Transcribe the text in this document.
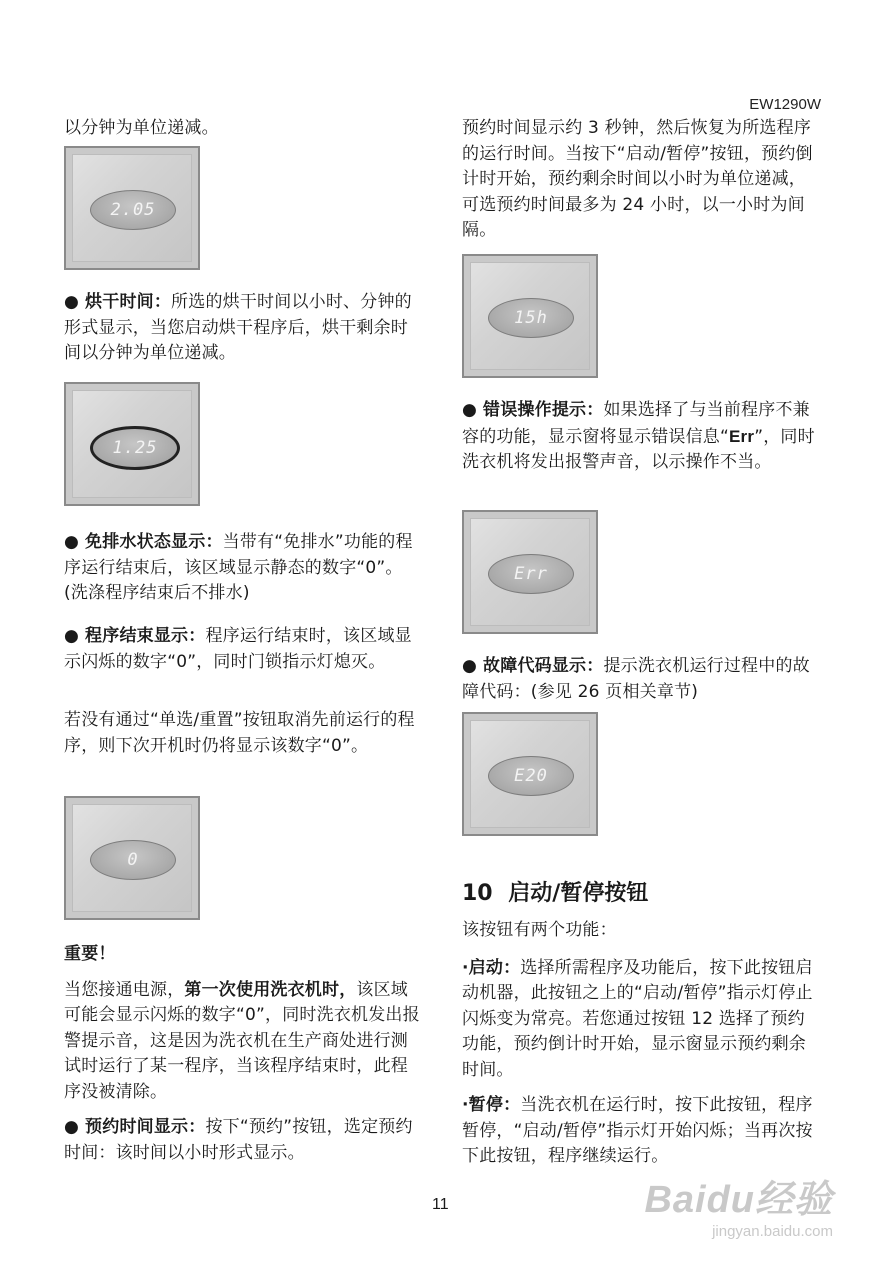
EW1290W

以分钟为单位递减。

2.05

● 烘干时间：所选的烘干时间以小时、分钟的形式显示，当您启动烘干程序后，烘干剩余时间以分钟为单位递减。

1.25

● 免排水状态显示：当带有“免排水”功能的程序运行结束后，该区域显示静态的数字“0”。(洗涤程序结束后不排水)

● 程序结束显示：程序运行结束时，该区域显示闪烁的数字“0”，同时门锁指示灯熄灭。

若没有通过“单选/重置”按钮取消先前运行的程序，则下次开机时仍将显示该数字“0”。

0

重要！

当您接通电源，第一次使用洗衣机时，该区域可能会显示闪烁的数字“0”，同时洗衣机发出报警提示音，这是因为洗衣机在生产商处进行测试时运行了某一程序，当该程序结束时，此程序没被清除。

● 预约时间显示：按下“预约”按钮，选定预约时间：该时间以小时形式显示。

预约时间显示约 3 秒钟，然后恢复为所选程序的运行时间。当按下“启动/暂停”按钮，预约倒计时开始，预约剩余时间以小时为单位递减，可选预约时间最多为 24 小时，以一小时为间隔。

15h

● 错误操作提示：如果选择了与当前程序不兼容的功能，显示窗将显示错误信息“Err”，同时洗衣机将发出报警声音，以示操作不当。

Err

● 故障代码显示：提示洗衣机运行过程中的故障代码：(参见 26 页相关章节)

E20
10 启动/暂停按钮

该按钮有两个功能：

·启动：选择所需程序及功能后，按下此按钮启动机器，此按钮之上的“启动/暂停”指示灯停止闪烁变为常亮。若您通过按钮 12 选择了预约功能，预约倒计时开始，显示窗显示预约剩余时间。

·暂停：当洗衣机在运行时，按下此按钮，程序暂停，“启动/暂停”指示灯开始闪烁；当再次按下此按钮，程序继续运行。

11	Baidu经验
jingyan.baidu.com
